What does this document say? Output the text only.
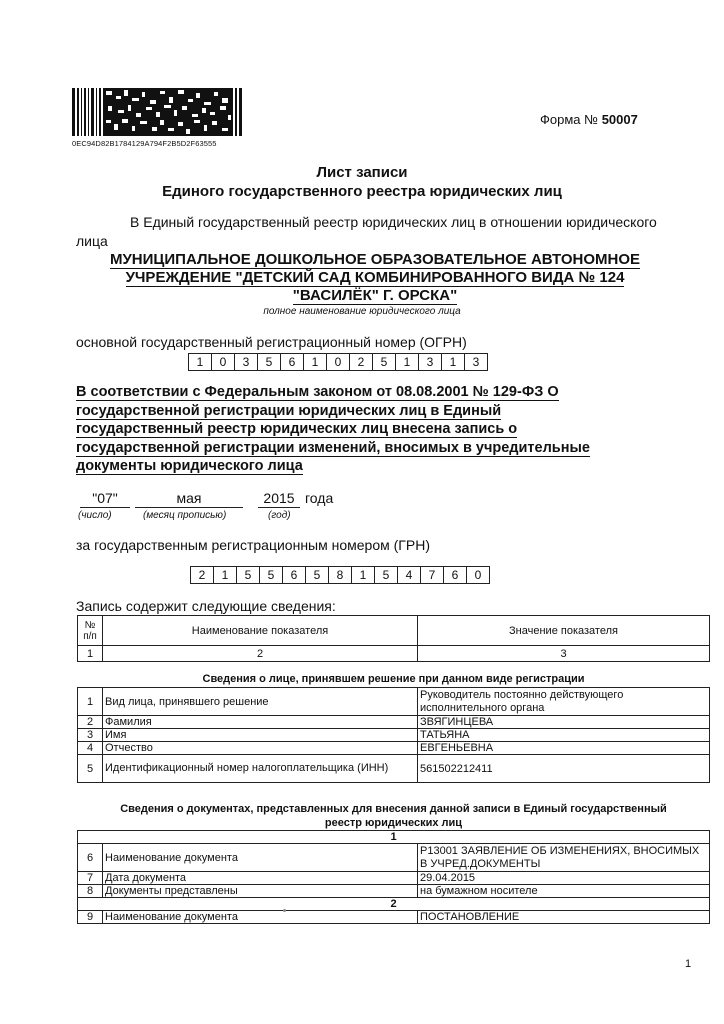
0EC94D82B1784129A794F2B5D2F63555
Форма № 50007
Лист записи
Единого государственного реестра юридических лиц
В Единый государственный реестр юридических лиц в отношении юридического
лица
МУНИЦИПАЛЬНОЕ ДОШКОЛЬНОЕ ОБРАЗОВАТЕЛЬНОЕ АВТОНОМНОЕ
УЧРЕЖДЕНИЕ "ДЕТСКИЙ САД КОМБИНИРОВАННОГО ВИДА № 124
"ВАСИЛЁК" Г. ОРСКА"
полное наименование юридического лица
основной государственный регистрационный номер (ОГРН)
1	0	3	5	6	1	0	2	5	1	3	1	3
В соответствии с Федеральным законом от 08.08.2001 № 129-ФЗ О
государственной регистрации юридических лиц в Единый
государственный реестр юридических лиц внесена запись о
государственной регистрации изменений, вносимых в учредительные
документы юридического лица
"07"	мая	2015 года
(число)	(месяц прописью)	(год)
за государственным регистрационным номером (ГРН)
2	1	5	5	6	5	8	1	5	4	7	6	0
Запись содержит следующие сведения:
№ п/п	Наименование показателя	Значение показателя
1	2	3
Сведения о лице, принявшем решение при данном виде регистрации
1	Вид лица, принявшего решение	Руководитель постоянно действующего исполнительного органа
2	Фамилия	ЗВЯГИНЦЕВА
3	Имя	ТАТЬЯНА
4	Отчество	ЕВГЕНЬЕВНА
5	Идентификационный номер налогоплательщика (ИНН)	561502212411
Сведения о документах, представленных для внесения данной записи в Единый государственный
реестр юридических лиц
1		
6	Наименование документа	Р13001 ЗАЯВЛЕНИЕ ОБ ИЗМЕНЕНИЯХ, ВНОСИМЫХ В УЧРЕД.ДОКУМЕНТЫ
7	Дата документа	29.04.2015
8	Документы представлены	на бумажном носителе
2		
9	Наименование документа	ПОСТАНОВЛЕНИЕ
1
